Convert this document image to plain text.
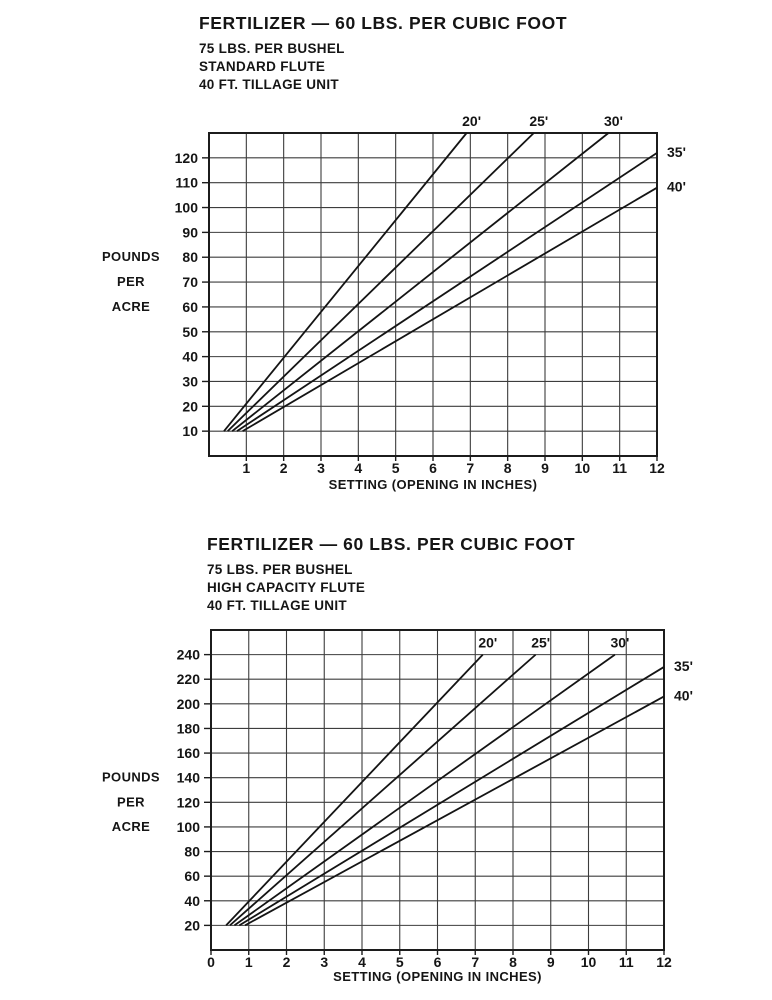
FERTILIZER — 60 LBS. PER CUBIC FOOT
75 LBS. PER BUSHEL
STANDARD FLUTE
40 FT. TILLAGE UNIT
FERTILIZER — 60 LBS. PER CUBIC FOOT
75 LBS. PER BUSHEL
HIGH CAPACITY FLUTE
40 FT. TILLAGE UNIT
10
20
30
40
50
60
70
80
90
100
110
120
1 2 3 4 5 6 7 8 9 10 11 12
20'	25'	30'
35'
40'
POUNDS
PER
ACRE
SETTING (OPENING IN INCHES)
20
40
60
80
100
120
140
160
180
200
220
240
0 1 2 3 4 5 6 7 8 9 10 11 12
20' 25'	30'
35'
40'
POUNDS
PER
ACRE
SETTING (OPENING IN INCHES)
